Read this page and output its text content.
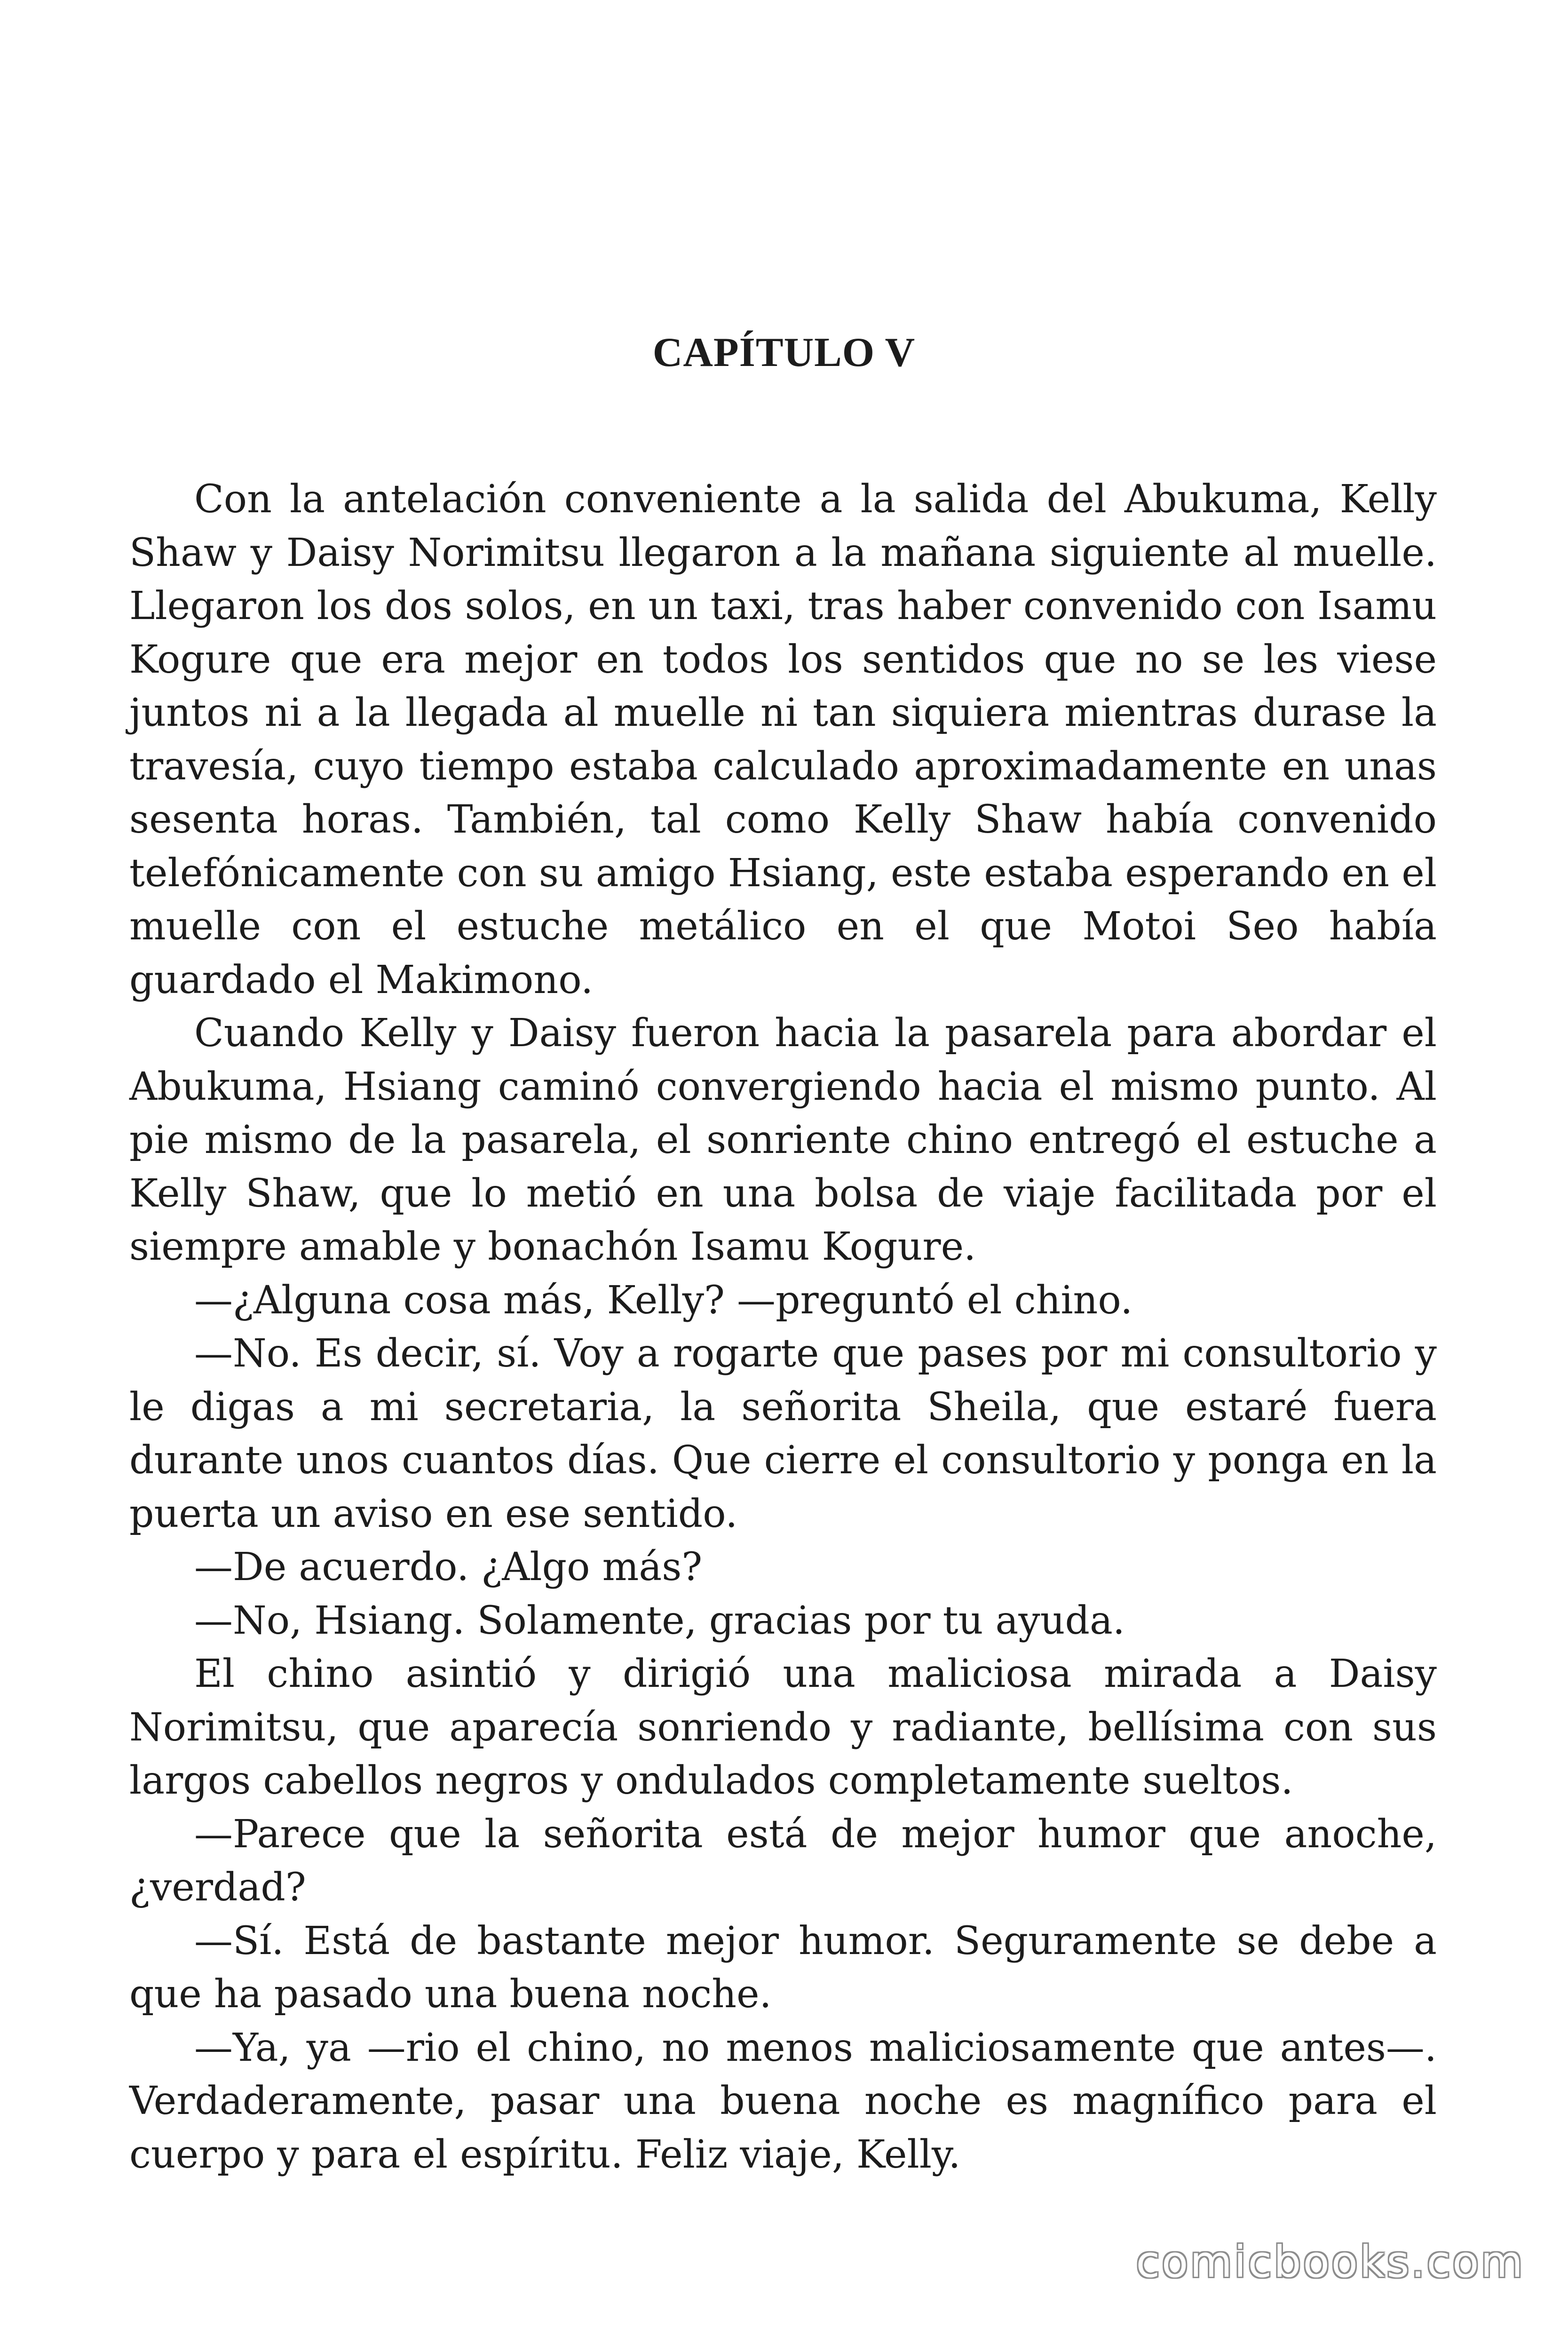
CAPÍTULO V

Con la antelación conveniente a la salida del Abukuma, Kelly Shaw y Daisy Norimitsu llegaron a la mañana siguiente al muelle. Llegaron los dos solos, en un taxi, tras haber convenido con Isamu Kogure que era mejor en todos los sentidos que no se les viese juntos ni a la llegada al muelle ni tan siquiera mientras durase la travesía, cuyo tiempo estaba calculado aproximadamente en unas sesenta horas. También, tal como Kelly Shaw había convenido telefónicamente con su amigo Hsiang, este estaba esperando en el muelle con el estuche metálico en el que Motoi Seo había guardado el Makimono.

Cuando Kelly y Daisy fueron hacia la pasarela para abordar el Abukuma, Hsiang caminó convergiendo hacia el mismo punto. Al pie mismo de la pasarela, el sonriente chino entregó el estuche a Kelly Shaw, que lo metió en una bolsa de viaje facilitada por el siempre amable y bonachón Isamu Kogure.

—¿Alguna cosa más, Kelly? —preguntó el chino.

—No. Es decir, sí. Voy a rogarte que pases por mi consultorio y le digas a mi secretaria, la señorita Sheila, que estaré fuera durante unos cuantos días. Que cierre el consultorio y ponga en la puerta un aviso en ese sentido.

—De acuerdo. ¿Algo más?

—No, Hsiang. Solamente, gracias por tu ayuda.

El chino asintió y dirigió una maliciosa mirada a Daisy Norimitsu, que aparecía sonriendo y radiante, bellísima con sus largos cabellos negros y ondulados completamente sueltos.

—Parece que la señorita está de mejor humor que anoche, ¿verdad?

—Sí. Está de bastante mejor humor. Seguramente se debe a que ha pasado una buena noche.

—Ya, ya —rio el chino, no menos maliciosamente que antes—. Verdaderamente, pasar una buena noche es magnífico para el cuerpo y para el espíritu. Feliz viaje, Kelly.

comicbooks.com
